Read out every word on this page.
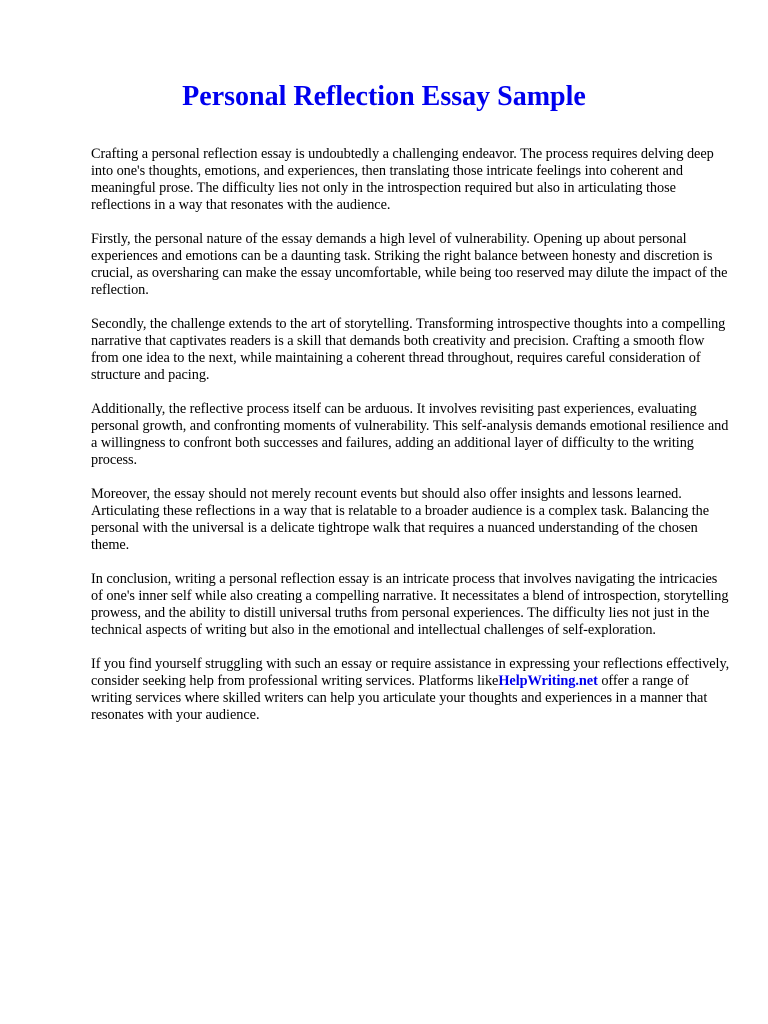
Personal Reflection Essay Sample

Crafting a personal reflection essay is undoubtedly a challenging endeavor. The process requires delving deep into one's thoughts, emotions, and experiences, then translating those intricate feelings into coherent and meaningful prose. The difficulty lies not only in the introspection required but also in articulating those reflections in a way that resonates with the audience.

Firstly, the personal nature of the essay demands a high level of vulnerability. Opening up about personal experiences and emotions can be a daunting task. Striking the right balance between honesty and discretion is crucial, as oversharing can make the essay uncomfortable, while being too reserved may dilute the impact of the reflection.

Secondly, the challenge extends to the art of storytelling. Transforming introspective thoughts into a compelling narrative that captivates readers is a skill that demands both creativity and precision. Crafting a smooth flow from one idea to the next, while maintaining a coherent thread throughout, requires careful consideration of structure and pacing.

Additionally, the reflective process itself can be arduous. It involves revisiting past experiences, evaluating personal growth, and confronting moments of vulnerability. This self-analysis demands emotional resilience and a willingness to confront both successes and failures, adding an additional layer of difficulty to the writing process.

Moreover, the essay should not merely recount events but should also offer insights and lessons learned. Articulating these reflections in a way that is relatable to a broader audience is a complex task. Balancing the personal with the universal is a delicate tightrope walk that requires a nuanced understanding of the chosen theme.

In conclusion, writing a personal reflection essay is an intricate process that involves navigating the intricacies of one's inner self while also creating a compelling narrative. It necessitates a blend of introspection, storytelling prowess, and the ability to distill universal truths from personal experiences. The difficulty lies not just in the technical aspects of writing but also in the emotional and intellectual challenges of self-exploration.

If you find yourself struggling with such an essay or require assistance in expressing your reflections effectively, consider seeking help from professional writing services. Platforms likeHelpWriting.net offer a range of writing services where skilled writers can help you articulate your thoughts and experiences in a manner that resonates with your audience.
